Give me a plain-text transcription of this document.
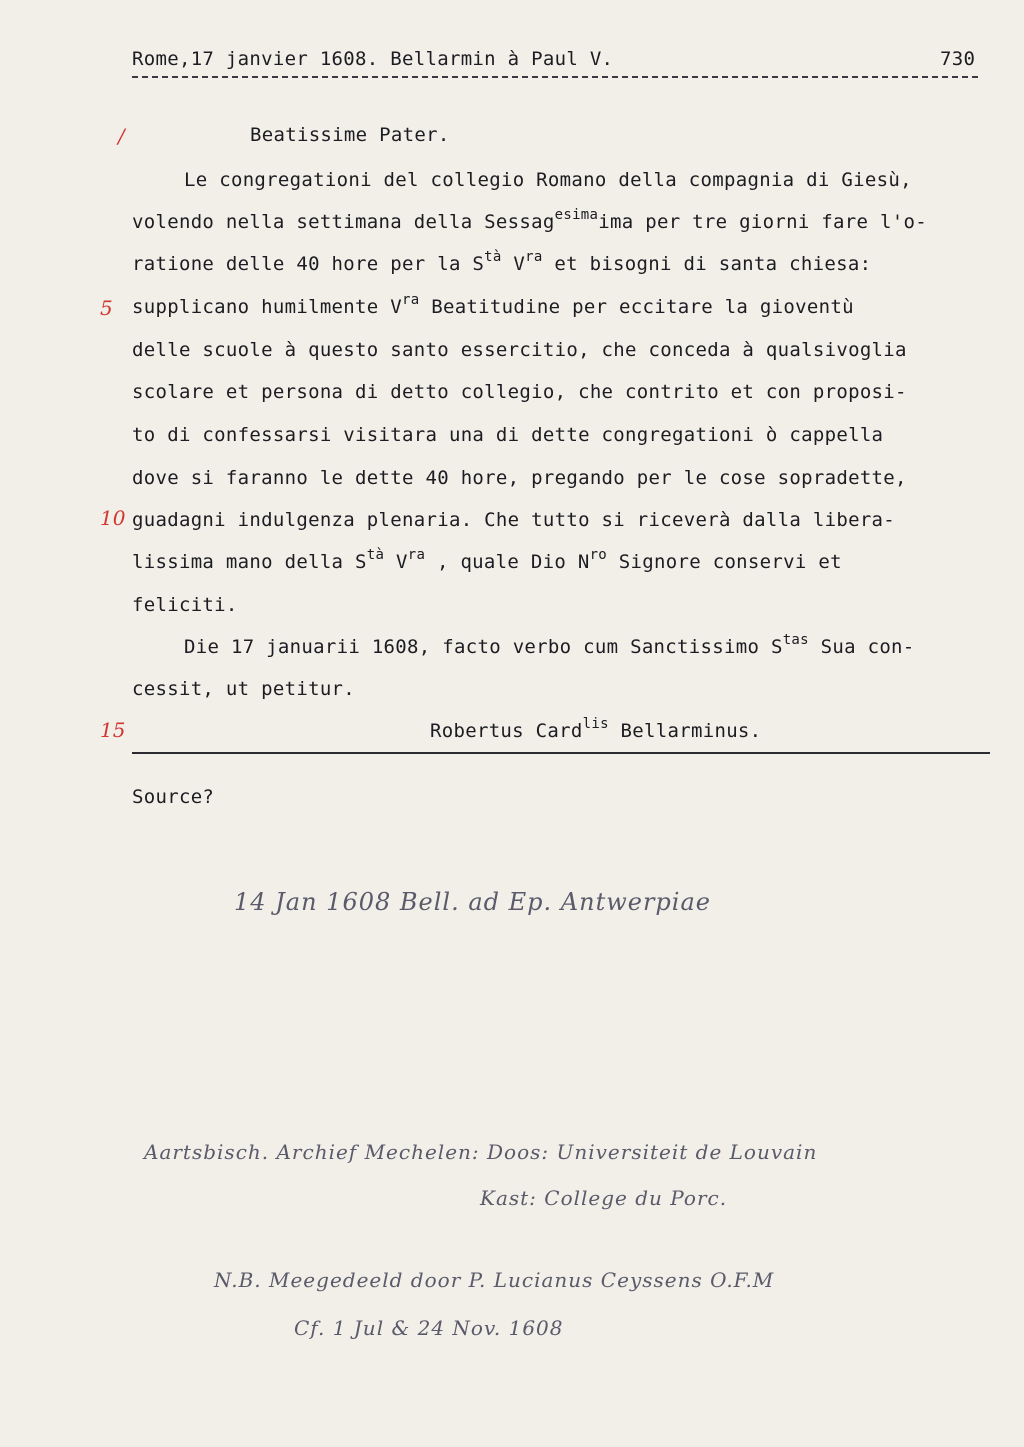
Rome,17 janvier 1608. Bellarmin à Paul V.	730
/
5
10
15
Beatissime Pater.
Le congregationi del collegio Romano della compagnia di Giesù,
volendo nella settimana della Sessag$^{esima}$ima per tre giorni fare l'o-
ratione delle 40 hore per la $S^{tà}$ $V^{ra}$ et bisogni di santa chiesa:
supplicano humilmente $V^{ra}$ Beatitudine per eccitare la gioventù
delle scuole à questo santo essercitio, che conceda à qualsivoglia
scolare et persona di detto collegio, che contrito et con proposi-
to di confessarsi visitara una di dette congregationi ò cappella
dove si faranno le dette 40 hore, pregando per le cose sopradette,
guadagni indulgenza plenaria. Che tutto si riceverà dalla libera-
lissima mano della $S^{tà}$ $V^{ra}$ , quale Dio $N^{ro}$ Signore conservi et
feliciti.
Die 17 januarii 1608, facto verbo cum Sanctissimo $S^{tas}$ Sua con-
cessit, ut petitur.
Robertus Card$^{lis}$ Bellarminus.
Source?
14 Jan 1608 Bell. ad Ep. Antwerpiae
Aartsbisch. Archief Mechelen: Doos: Universiteit de Louvain
Kast: College du Porc.
N.B. Meegedeeld door P. Lucianus Ceyssens O.F.M
Cf. 1 Jul & 24 Nov. 1608
